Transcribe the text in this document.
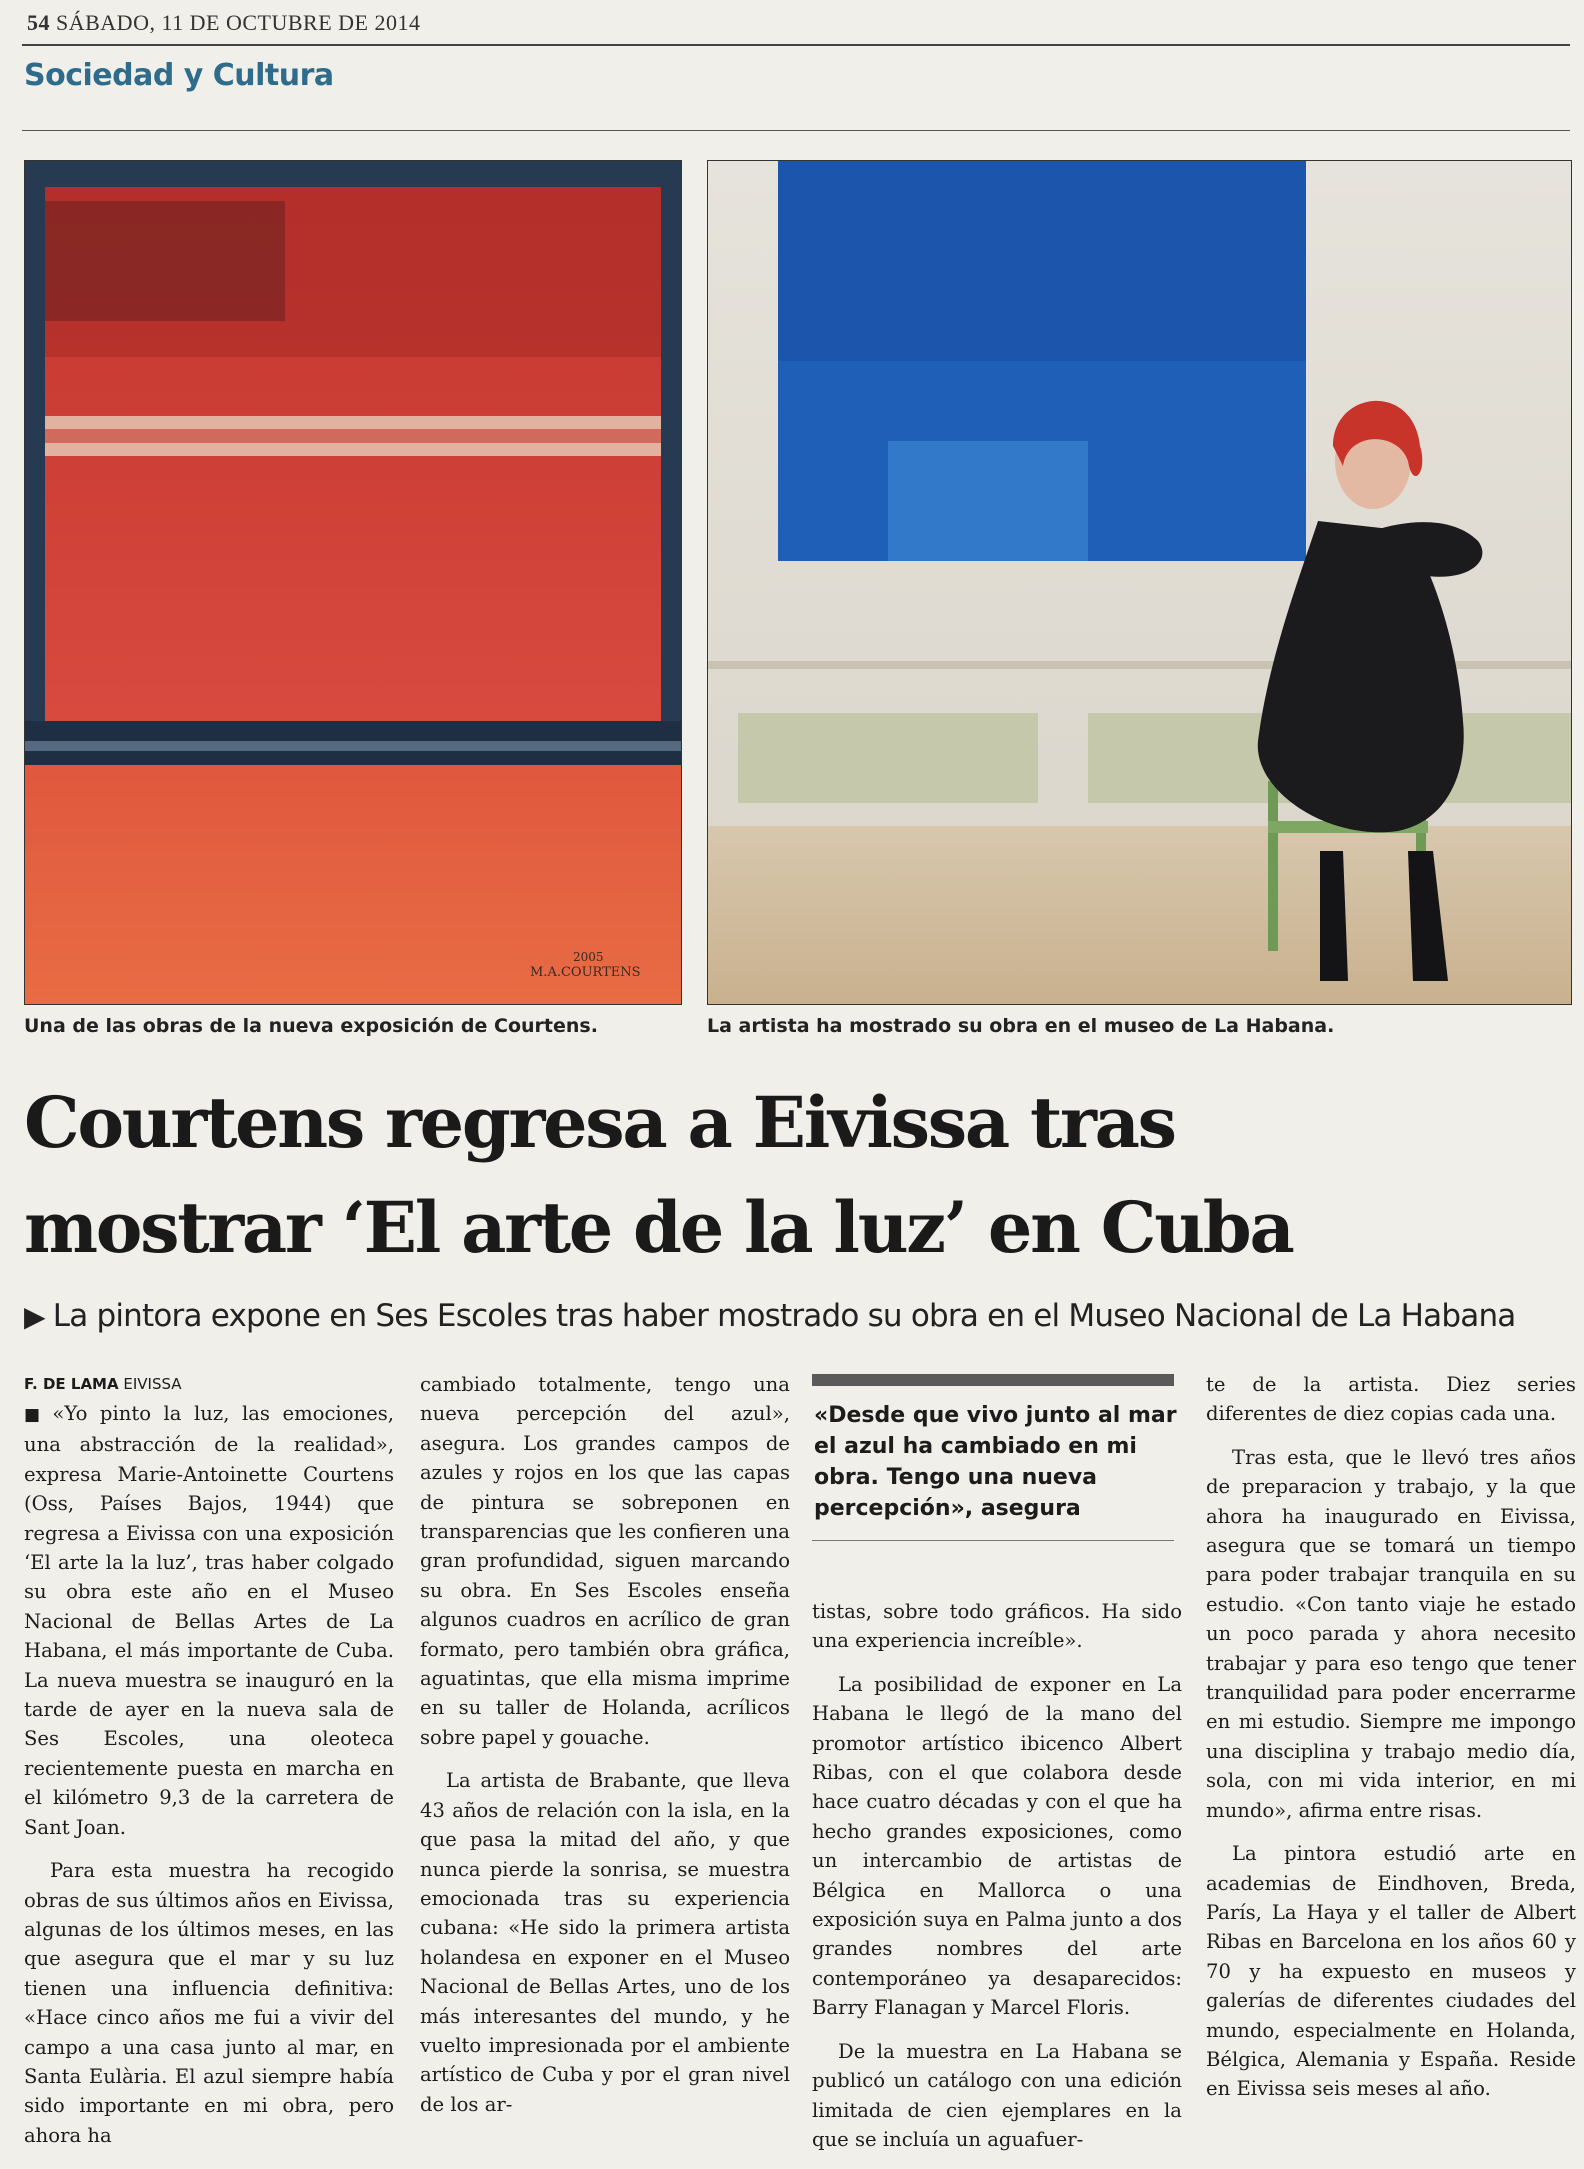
54 SÁBADO, 11 DE OCTUBRE DE 2014
Sociedad y Cultura
M.A.COURTENS
2005
Una de las obras de la nueva exposición de Courtens.	La artista ha mostrado su obra en el museo de La Habana.
Courtens regresa a Eivissa tras
mostrar ‘El arte de la luz’ en Cuba
▶ La pintora expone en Ses Escoles tras haber mostrado su obra en el Museo Nacional de La Habana
F. DE LAMA EIVISSA

■ «Yo pinto la luz, las emociones, una abstracción de la realidad», expresa Marie-Antoinette Courtens (Oss, Países Bajos, 1944) que regresa a Eivissa con una exposición ‘El arte la la luz’, tras haber colgado su obra este año en el Museo Nacional de Bellas Artes de La Habana, el más importante de Cuba. La nueva muestra se inauguró en la tarde de ayer en la nueva sala de Ses Escoles, una oleoteca recientemente puesta en marcha en el kilómetro 9,3 de la carretera de Sant Joan.

Para esta muestra ha recogido obras de sus últimos años en Eivissa, algunas de los últimos meses, en las que asegura que el mar y su luz tienen una influencia definitiva: «Hace cinco años me fui a vivir del campo a una casa junto al mar, en Santa Eulària. El azul siempre había sido importante en mi obra, pero ahora ha

cambiado totalmente, tengo una nueva percepción del azul», asegura. Los grandes campos de azules y rojos en los que las capas de pintura se sobreponen en transparencias que les confieren una gran profundidad, siguen marcando su obra. En Ses Escoles enseña algunos cuadros en acrílico de gran formato, pero también obra gráfica, aguatintas, que ella misma imprime en su taller de Holanda, acrílicos sobre papel y gouache.

La artista de Brabante, que lleva 43 años de relación con la isla, en la que pasa la mitad del año, y que nunca pierde la sonrisa, se muestra emocionada tras su experiencia cubana: «He sido la primera artista holandesa en exponer en el Museo Nacional de Bellas Artes, uno de los más interesantes del mundo, y he vuelto impresionada por el ambiente artístico de Cuba y por el gran nivel de los ar-

«Desde que vivo junto al mar el azul ha cambiado en mi obra. Tengo una nueva percepción», asegura

tistas, sobre todo gráficos. Ha sido una experiencia increíble».

La posibilidad de exponer en La Habana le llegó de la mano del promotor artístico ibicenco Albert Ribas, con el que colabora desde hace cuatro décadas y con el que ha hecho grandes exposiciones, como un intercambio de artistas de Bélgica en Mallorca o una exposición suya en Palma junto a dos grandes nombres del arte contemporáneo ya desaparecidos: Barry Flanagan y Marcel Floris.

De la muestra en La Habana se publicó un catálogo con una edición limitada de cien ejemplares en la que se incluía un aguafuer-

te de la artista. Diez series diferentes de diez copias cada una.

Tras esta, que le llevó tres años de preparacion y trabajo, y la que ahora ha inaugurado en Eivissa, asegura que se tomará un tiempo para poder trabajar tranquila en su estudio. «Con tanto viaje he estado un poco parada y ahora necesito trabajar y para eso tengo que tener tranquilidad para poder encerrarme en mi estudio. Siempre me impongo una disciplina y trabajo medio día, sola, con mi vida interior, en mi mundo», afirma entre risas.

La pintora estudió arte en academias de Eindhoven, Breda, París, La Haya y el taller de Albert Ribas en Barcelona en los años 60 y 70 y ha expuesto en museos y galerías de diferentes ciudades del mundo, especialmente en Holanda, Bélgica, Alemania y España. Reside en Eivissa seis meses al año.
